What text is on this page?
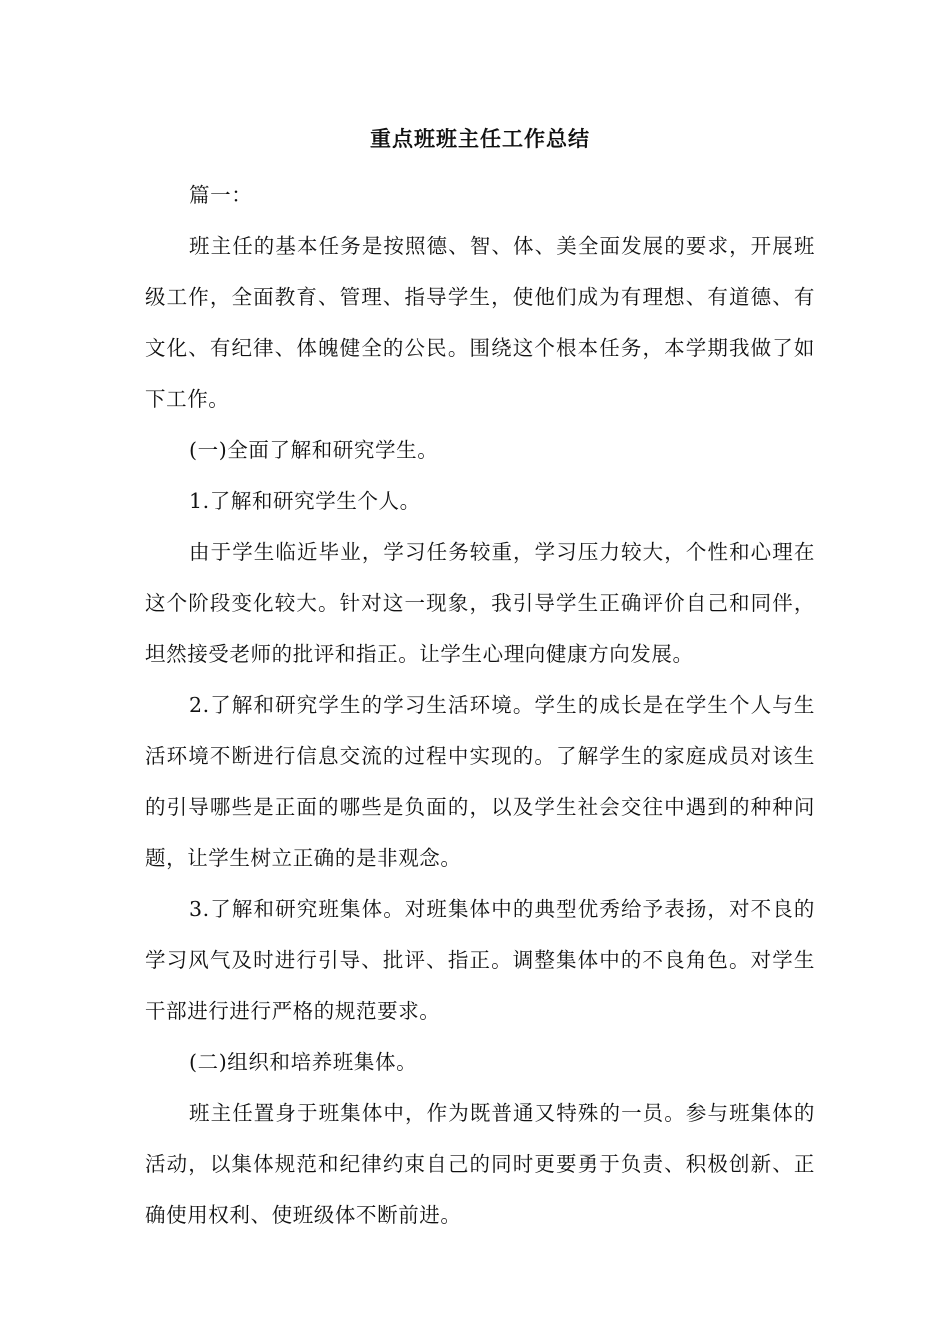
重点班班主任工作总结

篇一：

班主任的基本任务是按照德、智、体、美全面发展的要求，开展班级工作，全面教育、管理、指导学生，使他们成为有理想、有道德、有文化、有纪律、体魄健全的公民。围绕这个根本任务，本学期我做了如下工作。

(一)全面了解和研究学生。

1.了解和研究学生个人。

由于学生临近毕业，学习任务较重，学习压力较大，个性和心理在这个阶段变化较大。针对这一现象，我引导学生正确评价自己和同伴，坦然接受老师的批评和指正。让学生心理向健康方向发展。

2.了解和研究学生的学习生活环境。学生的成长是在学生个人与生活环境不断进行信息交流的过程中实现的。了解学生的家庭成员对该生的引导哪些是正面的哪些是负面的，以及学生社会交往中遇到的种种问题，让学生树立正确的是非观念。

3.了解和研究班集体。对班集体中的典型优秀给予表扬，对不良的学习风气及时进行引导、批评、指正。调整集体中的不良角色。对学生干部进行进行严格的规范要求。

(二)组织和培养班集体。

班主任置身于班集体中，作为既普通又特殊的一员。参与班集体的活动，以集体规范和纪律约束自己的同时更要勇于负责、积极创新、正确使用权利、使班级体不断前进。
